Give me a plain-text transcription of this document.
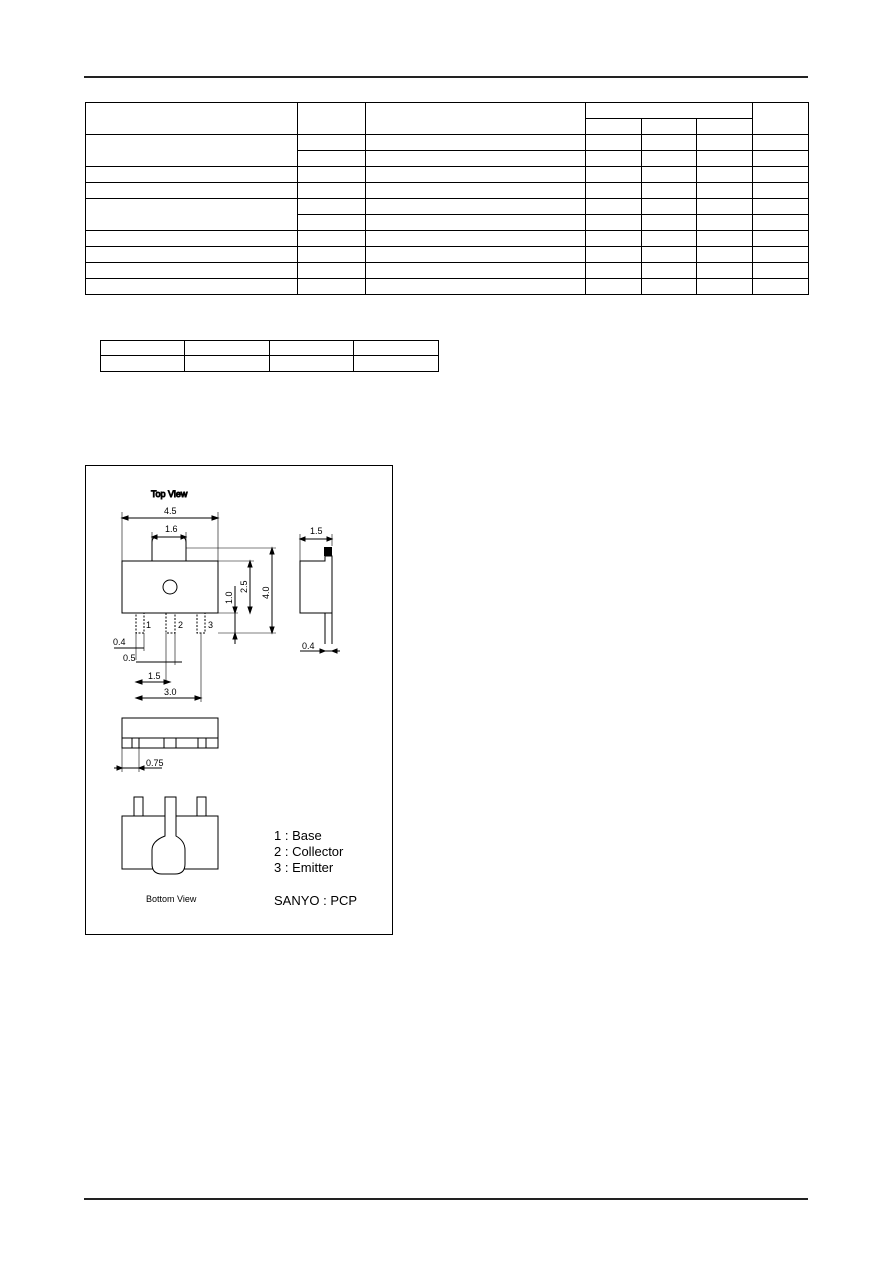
Top View
4.5
1.6
1	2	3
4.0
2.5
1.0
0.4
0.5
1.5
3.0
1.5
0.4
0.75
Bottom View
1 : Base
2 : Collector
3 : Emitter
SANYO : PCP
